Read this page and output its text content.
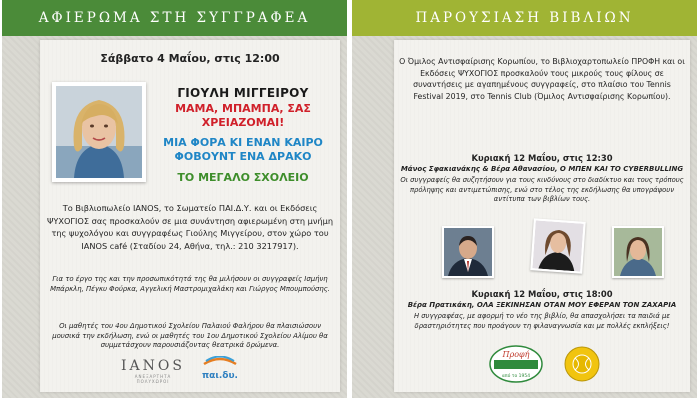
ΑΦΙΕΡΩΜΑ ΣΤΗ ΣΥΓΓΡΑΦΕΑ
Σάββατο 4 Μαΐου, στις 12:00
ΓΙΟΥΛΗ ΜΙΓΓΕΙΡΟΥ
ΜΑΜΑ, ΜΠΑΜΠΑ, ΣΑΣ ΧΡΕΙΑΖΟΜΑΙ!
ΜΙΑ ΦΟΡΑ ΚΙ ΕΝΑΝ ΚΑΙΡΟ ΦΟΒΟΥΝΤ ΕΝΑ ΔΡΑΚΟ
ΤΟ ΜΕΓΑΛΟ ΣΧΟΛΕΙΟ
Το Βιβλιοπωλείο IANOS, το Σωματείο ΠΑΙ.Δ.Υ. και οι Εκδόσεις ΨΥΧΟΓΙΟΣ σας προσκαλούν σε μια συνάντηση αφιερωμένη στη μνήμη της ψυχολόγου και συγγραφέως Γιούλης Μιγγείρου, στον χώρο του IANOS café (Σταδίου 24, Αθήνα, τηλ.: 210 3217917).
Για το έργο της και την προσωπικότητά της θα μιλήσουν οι συγγραφείς Ισμήνη Μπάρκλη, Πέγκυ Φούρκα, Αγγελική Μαστρομιχαλάκη και Γιώργος Μπουμπούσης.
Οι μαθητές του 4ου Δημοτικού Σχολείου Παλαιού Φαλήρου θα πλαισιώσουν μουσικά την εκδήλωση, ενώ οι μαθητές του 1ου Δημοτικού Σχολείου Αλίμου θα συμμετάσχουν παρουσιάζοντας θεατρικά δρώμενα.
IANOS
ΑΝΕΞΑΡΤΗΤΑ ΠΟΛΥΧΩΡΟΙ
παι.δυ.
ΠΑΡΟΥΣΙΑΣΗ ΒΙΒΛΙΩΝ
Ο Όμιλος Αντισφαίρισης Κορωπίου, το Βιβλιοχαρτοπωλείο ΠΡΟΦΗ και οι Εκδόσεις ΨΥΧΟΓΙΟΣ προσκαλούν τους μικρούς τους φίλους σε συναντήσεις με αγαπημένους συγγραφείς, στο πλαίσιο του Tennis Festival 2019, στο Tennis Club (Όμιλος Αντισφαίρισης Κορωπίου).
Κυριακή 12 Μαΐου, στις 12:30
Μάνος Σφακιανάκης & Βέρα Αθανασίου, Ο ΜΠΕΝ ΚΑΙ ΤΟ CYBERBULLING
Οι συγγραφείς θα συζητήσουν για τους κινδύνους στο διαδίκτυο και τους τρόπους πρόληψης και αντιμετώπισης, ενώ στο τέλος της εκδήλωσης θα υπογράψουν αντίτυπα των βιβλίων τους.
Κυριακή 12 Μαΐου, στις 18:00
Βέρα Πρατικάκη, ΟΛΑ ΞΕΚΙΝΗΣΑΝ ΟΤΑΝ ΜΟΥ ΕΦΕΡΑΝ ΤΟΝ ΖΑΧΑΡΙΑ
Η συγγραφέας, με αφορμή το νέο της βιβλίο, θα απασχολήσει τα παιδιά με δραστηριότητες που προάγουν τη φιλαναγνωσία και με πολλές εκπλήξεις!
Προφή
από το 1954
